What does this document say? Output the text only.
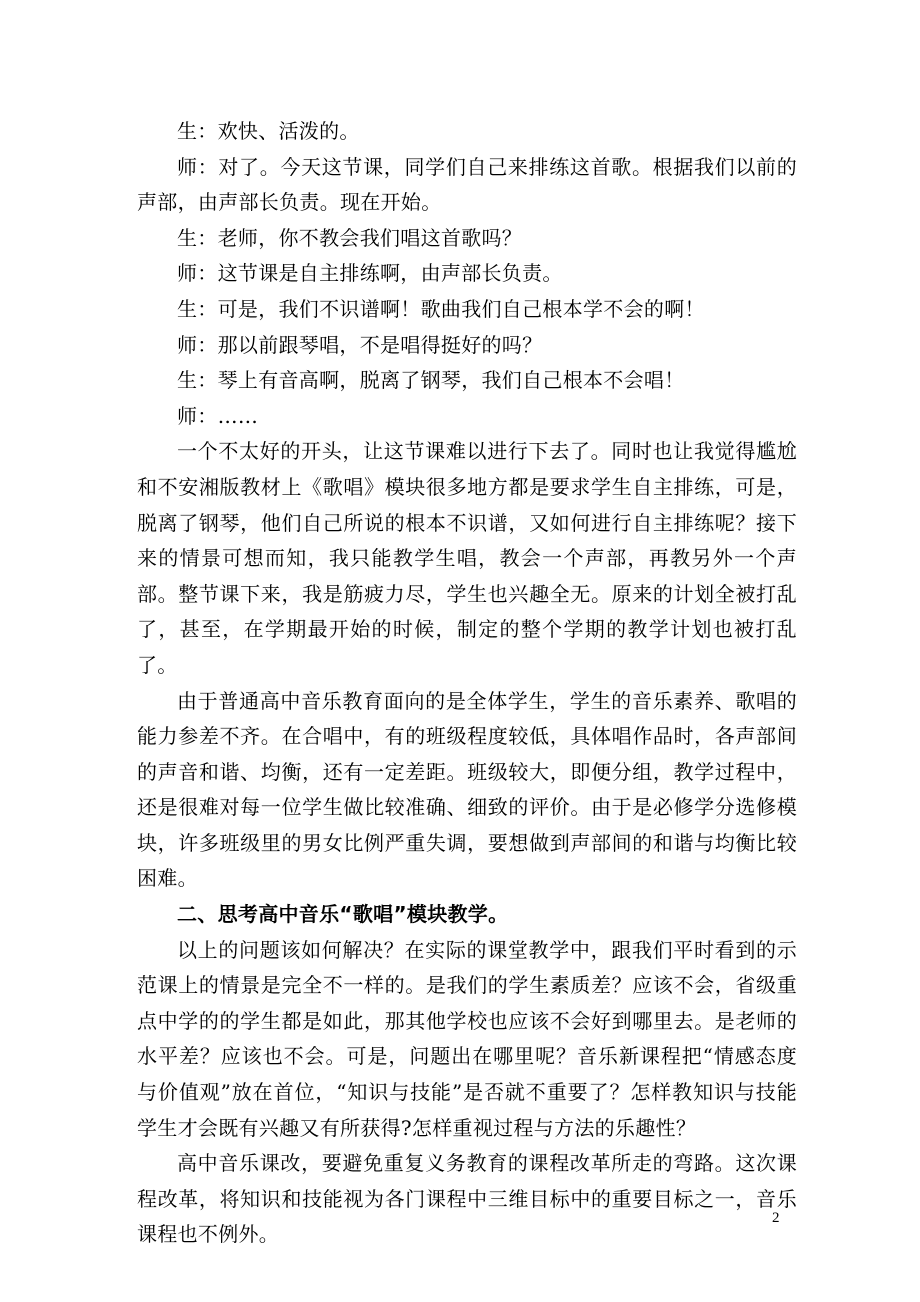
生：欢快、活泼的。

师：对了。今天这节课，同学们自己来排练这首歌。根据我们以前的声部，由声部长负责。现在开始。

生：老师，你不教会我们唱这首歌吗？

师：这节课是自主排练啊，由声部长负责。

生：可是，我们不识谱啊！歌曲我们自己根本学不会的啊！

师：那以前跟琴唱，不是唱得挺好的吗？

生：琴上有音高啊，脱离了钢琴，我们自己根本不会唱！

师：……

一个不太好的开头，让这节课难以进行下去了。同时也让我觉得尴尬和不安湘版教材上《歌唱》模块很多地方都是要求学生自主排练，可是，脱离了钢琴，他们自己所说的根本不识谱，又如何进行自主排练呢？接下来的情景可想而知，我只能教学生唱，教会一个声部，再教另外一个声部。整节课下来，我是筋疲力尽，学生也兴趣全无。原来的计划全被打乱了，甚至，在学期最开始的时候，制定的整个学期的教学计划也被打乱了。

由于普通高中音乐教育面向的是全体学生，学生的音乐素养、歌唱的能力参差不齐。在合唱中，有的班级程度较低，具体唱作品时，各声部间的声音和谐、均衡，还有一定差距。班级较大，即便分组，教学过程中，还是很难对每一位学生做比较准确、细致的评价。由于是必修学分选修模块，许多班级里的男女比例严重失调，要想做到声部间的和谐与均衡比较困难。

二、思考高中音乐“歌唱”模块教学。

以上的问题该如何解决？在实际的课堂教学中，跟我们平时看到的示范课上的情景是完全不一样的。是我们的学生素质差？应该不会，省级重点中学的的学生都是如此，那其他学校也应该不会好到哪里去。是老师的水平差？应该也不会。可是，问题出在哪里呢？音乐新课程把“情感态度与价值观”放在首位，“知识与技能”是否就不重要了？怎样教知识与技能学生才会既有兴趣又有所获得?怎样重视过程与方法的乐趣性？

高中音乐课改，要避免重复义务教育的课程改革所走的弯路。这次课程改革，将知识和技能视为各门课程中三维目标中的重要目标之一，音乐课程也不例外。

2
